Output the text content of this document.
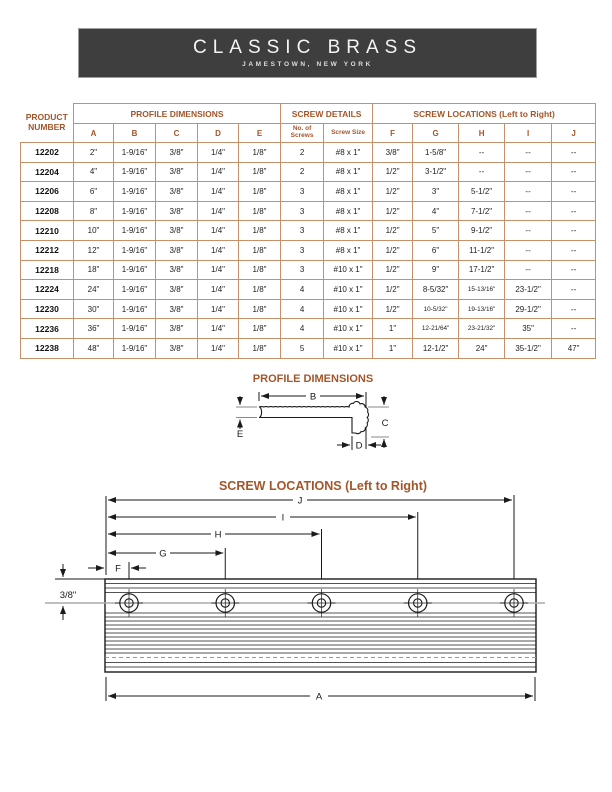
CLASSIC BRASS
JAMESTOWN, NEW YORK
PRODUCT NUMBER	PROFILE DIMENSIONS					SCREW DETAILS		SCREW LOCATIONS (Left to Right)				
	A	B	C	D	E	No. of Screws	Screw Size	F	G	H	I	J
12202	2"	1-9/16"	3/8"	1/4"	1/8"	2	#8 x 1"	3/8"	1-5/8"	--	--	--
12204	4"	1-9/16"	3/8"	1/4"	1/8"	2	#8 x 1"	1/2"	3-1/2"	--	--	--
12206	6"	1-9/16"	3/8"	1/4"	1/8"	3	#8 x 1"	1/2"	3"	5-1/2"	--	--
12208	8"	1-9/16"	3/8"	1/4"	1/8"	3	#8 x 1"	1/2"	4"	7-1/2"	--	--
12210	10"	1-9/16"	3/8"	1/4"	1/8"	3	#8 x 1"	1/2"	5"	9-1/2"	--	--
12212	12"	1-9/16"	3/8"	1/4"	1/8"	3	#8 x 1"	1/2"	6"	11-1/2"	--	--
12218	18"	1-9/16"	3/8"	1/4"	1/8"	3	#10 x 1"	1/2"	9"	17-1/2"	--	--
12224	24"	1-9/16"	3/8"	1/4"	1/8"	4	#10 x 1"	1/2"	8-5/32"	15-13/16"	23-1/2"	--
12230	30"	1-9/16"	3/8"	1/4"	1/8"	4	#10 x 1"	1/2"	10-5/32"	19-13/16"	29-1/2"	--
12236	36"	1-9/16"	3/8"	1/4"	1/8"	4	#10 x 1"	1"	12-21/64"	23-21/32"	35"	--
12238	48"	1-9/16"	3/8"	1/4"	1/8"	5	#10 x 1"	1"	12-1/2"	24"	35-1/2"	47"
PROFILE DIMENSIONS
B
E
C
D
SCREW LOCATIONS (Left to Right)
J
I
H
G
F
3/8"
A
